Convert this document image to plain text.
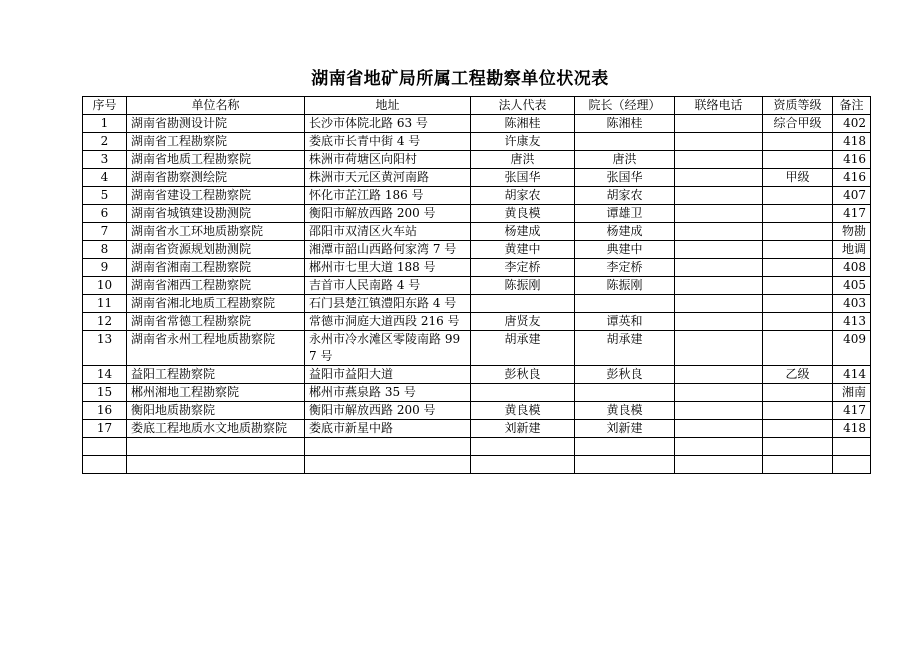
湖南省地矿局所属工程勘察单位状况表
序号	单位名称	地址	法人代表	院长（经理）	联络电话	资质等级	备注
1	湖南省勘测设计院	长沙市体院北路 63 号	陈湘桂	陈湘桂		综合甲级	402
2	湖南省工程勘察院	娄底市长青中街 4 号	许康友				418
3	湖南省地质工程勘察院	株洲市荷塘区向阳村	唐洪	唐洪			416
4	湖南省勘察测绘院	株洲市天元区黄河南路	张国华	张国华		甲级	416
5	湖南省建设工程勘察院	怀化市芷江路 186 号	胡家农	胡家农			407
6	湖南省城镇建设勘测院	衡阳市解放西路 200 号	黄良模	谭雄卫			417
7	湖南省水工环地质勘察院	邵阳市双清区火车站	杨建成	杨建成			物勘
8	湖南省资源规划勘测院	湘潭市韶山西路何家湾 7 号	黄建中	典建中			地调
9	湖南省湘南工程勘察院	郴州市七里大道 188 号	李定桥	李定桥			408
10	湖南省湘西工程勘察院	吉首市人民南路 4 号	陈振刚	陈振刚			405
11	湖南省湘北地质工程勘察院	石门县楚江镇澧阳东路 4 号					403
12	湖南省常德工程勘察院	常德市洞庭大道西段 216 号	唐贤友	谭英和			413
13	湖南省永州工程地质勘察院	永州市冷水滩区零陵南路 997 号	胡承建	胡承建			409
14	益阳工程勘察院	益阳市益阳大道	彭秋良	彭秋良		乙级	414
15	郴州湘地工程勘察院	郴州市燕泉路 35 号					湘南
16	衡阳地质勘察院	衡阳市解放西路 200 号	黄良模	黄良模			417
17	娄底工程地质水文地质勘察院	娄底市新星中路	刘新建	刘新建			418
